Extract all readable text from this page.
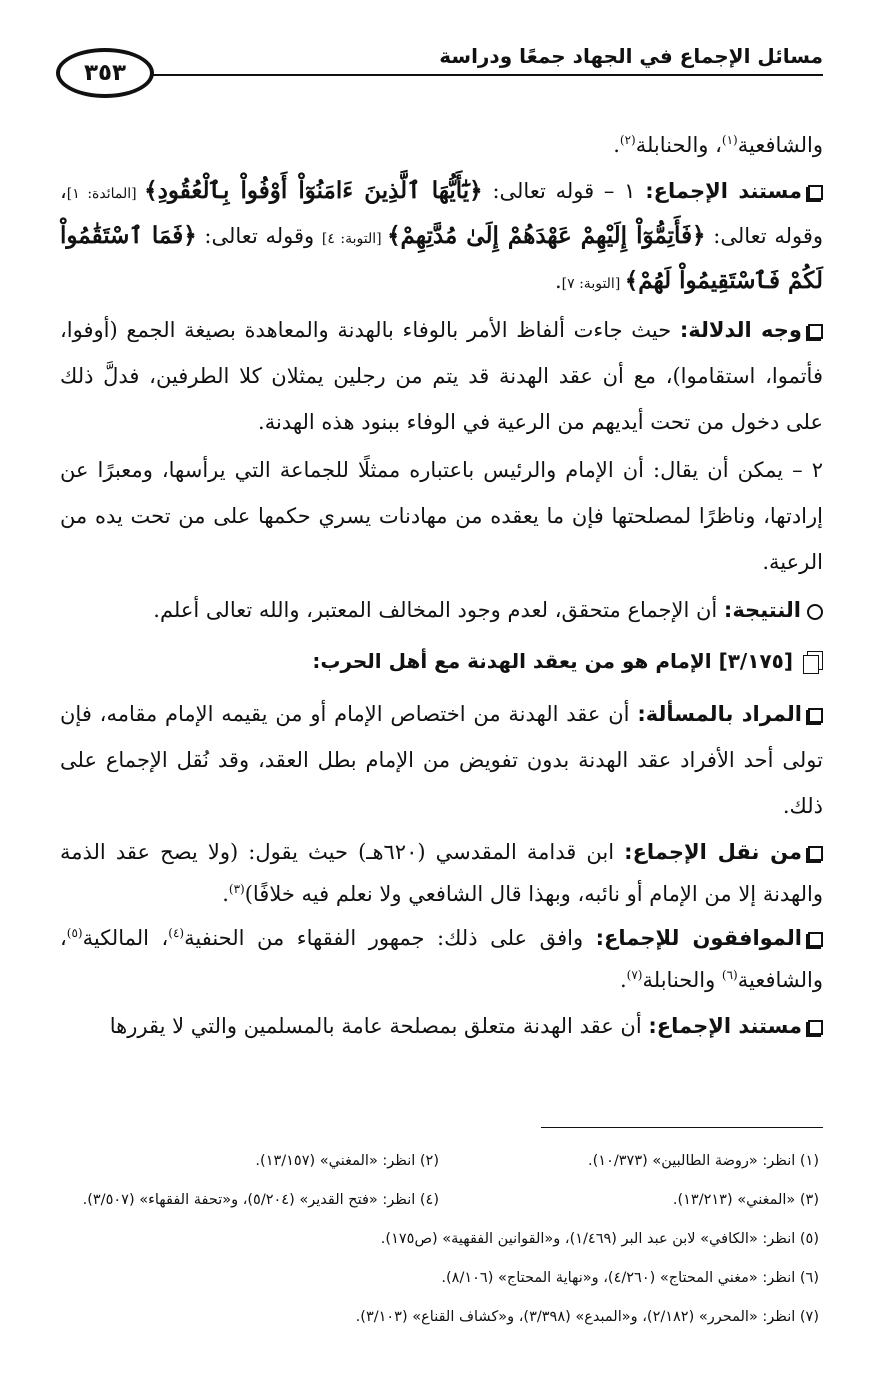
مسائل الإجماع في الجهاد جمعًا ودراسة
٣٥٣

والشافعية$^{(١)}$، والحنابلة$^{(٢)}$.

مستند الإجماع: ١ – قوله تعالى: ﴿يَٰٓأَيُّهَا ٱلَّذِينَ ءَامَنُوٓاْ أَوْفُواْ بِٱلْعُقُودِ﴾ [المائدة: ١]، وقوله تعالى: ﴿فَأَتِمُّوٓاْ إِلَيْهِمْ عَهْدَهُمْ إِلَىٰ مُدَّتِهِمْ﴾ [التوبة: ٤] وقوله تعالى: ﴿فَمَا ٱسْتَقَٰمُواْ لَكُمْ فَٱسْتَقِيمُواْ لَهُمْ﴾ [التوبة: ٧].

وجه الدلالة: حيث جاءت ألفاظ الأمر بالوفاء بالهدنة والمعاهدة بصيغة الجمع (أوفوا، فأتموا، استقاموا)، مع أن عقد الهدنة قد يتم من رجلين يمثلان كلا الطرفين، فدلَّ ذلك على دخول من تحت أيديهم من الرعية في الوفاء ببنود هذه الهدنة.

٢ – يمكن أن يقال: أن الإمام والرئيس باعتباره ممثلًا للجماعة التي يرأسها، ومعبرًا عن إرادتها، وناظرًا لمصلحتها فإن ما يعقده من مهادنات يسري حكمها على من تحت يده من الرعية.

النتيجة: أن الإجماع متحقق، لعدم وجود المخالف المعتبر، والله تعالى أعلم.

[٣/١٧٥] الإمام هو من يعقد الهدنة مع أهل الحرب:

المراد بالمسألة: أن عقد الهدنة من اختصاص الإمام أو من يقيمه الإمام مقامه، فإن تولى أحد الأفراد عقد الهدنة بدون تفويض من الإمام بطل العقد، وقد نُقل الإجماع على ذلك.

من نقل الإجماع: ابن قدامة المقدسي (٦٢٠هـ) حيث يقول: (ولا يصح عقد الذمة والهدنة إلا من الإمام أو نائبه، وبهذا قال الشافعي ولا نعلم فيه خلافًا)$^{(٣)}$.

الموافقون للإجماع: وافق على ذلك: جمهور الفقهاء من الحنفية$^{(٤)}$، المالكية$^{(٥)}$، والشافعية$^{(٦)}$ والحنابلة$^{(٧)}$.

مستند الإجماع: أن عقد الهدنة متعلق بمصلحة عامة بالمسلمين والتي لا يقررها

(١) انظر: «روضة الطالبين» (١٠/٣٧٣).
(٢) انظر: «المغني» (١٣/١٥٧).
(٣) «المغني» (١٣/٢١٣).
(٤) انظر: «فتح القدير» (٥/٢٠٤)، و«تحفة الفقهاء» (٣/٥٠٧).
(٥) انظر: «الكافي» لابن عبد البر (١/٤٦٩)، و«القوانين الفقهية» (ص١٧٥).
(٦) انظر: «مغني المحتاج» (٤/٢٦٠)، و«نهاية المحتاج» (٨/١٠٦).
(٧) انظر: «المحرر» (٢/١٨٢)، و«المبدع» (٣/٣٩٨)، و«كشاف القناع» (٣/١٠٣).
